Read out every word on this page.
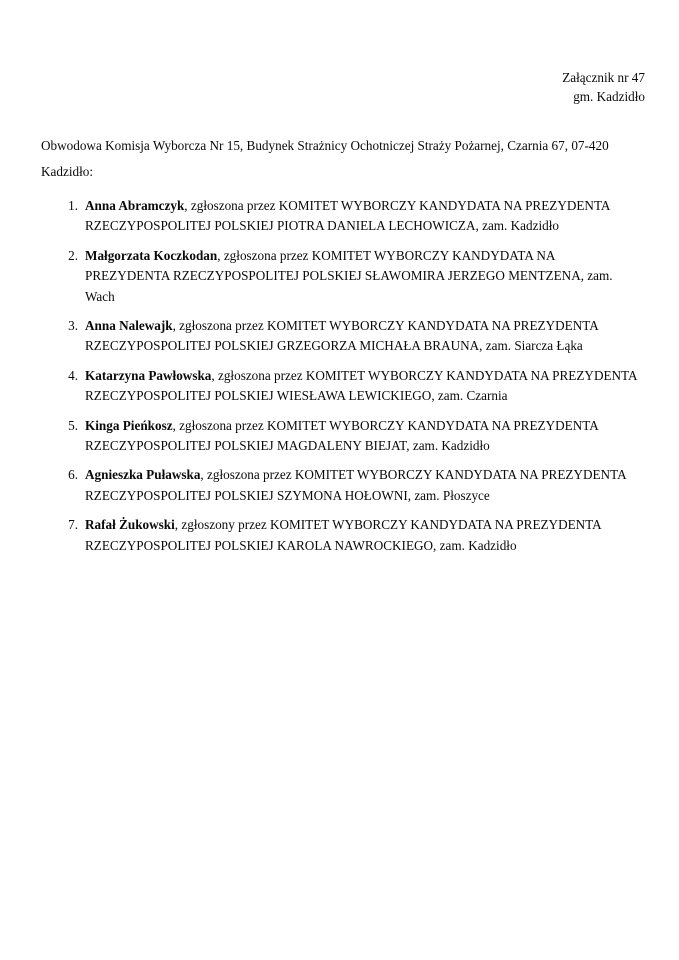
Załącznik nr 47
gm. Kadzidło

Obwodowa Komisja Wyborcza Nr 15, Budynek Strażnicy Ochotniczej Straży Pożarnej, Czarnia 67, 07-420 Kadzidło:

1. Anna Abramczyk, zgłoszona przez KOMITET WYBORCZY KANDYDATA NA PREZYDENTA RZECZYPOSPOLITEJ POLSKIEJ PIOTRA DANIELA LECHOWICZA, zam. Kadzidło
2. Małgorzata Koczkodan, zgłoszona przez KOMITET WYBORCZY KANDYDATA NA PREZYDENTA RZECZYPOSPOLITEJ POLSKIEJ SŁAWOMIRA JERZEGO MENTZENA, zam. Wach
3. Anna Nalewajk, zgłoszona przez KOMITET WYBORCZY KANDYDATA NA PREZYDENTA RZECZYPOSPOLITEJ POLSKIEJ GRZEGORZA MICHAŁA BRAUNA, zam. Siarcza Łąka
4. Katarzyna Pawłowska, zgłoszona przez KOMITET WYBORCZY KANDYDATA NA PREZYDENTA RZECZYPOSPOLITEJ POLSKIEJ WIESŁAWA LEWICKIEGO, zam. Czarnia
5. Kinga Pieńkosz, zgłoszona przez KOMITET WYBORCZY KANDYDATA NA PREZYDENTA RZECZYPOSPOLITEJ POLSKIEJ MAGDALENY BIEJAT, zam. Kadzidło
6. Agnieszka Puławska, zgłoszona przez KOMITET WYBORCZY KANDYDATA NA PREZYDENTA RZECZYPOSPOLITEJ POLSKIEJ SZYMONA HOŁOWNI, zam. Płoszyce
7. Rafał Żukowski, zgłoszony przez KOMITET WYBORCZY KANDYDATA NA PREZYDENTA RZECZYPOSPOLITEJ POLSKIEJ KAROLA NAWROCKIEGO, zam. Kadzidło
